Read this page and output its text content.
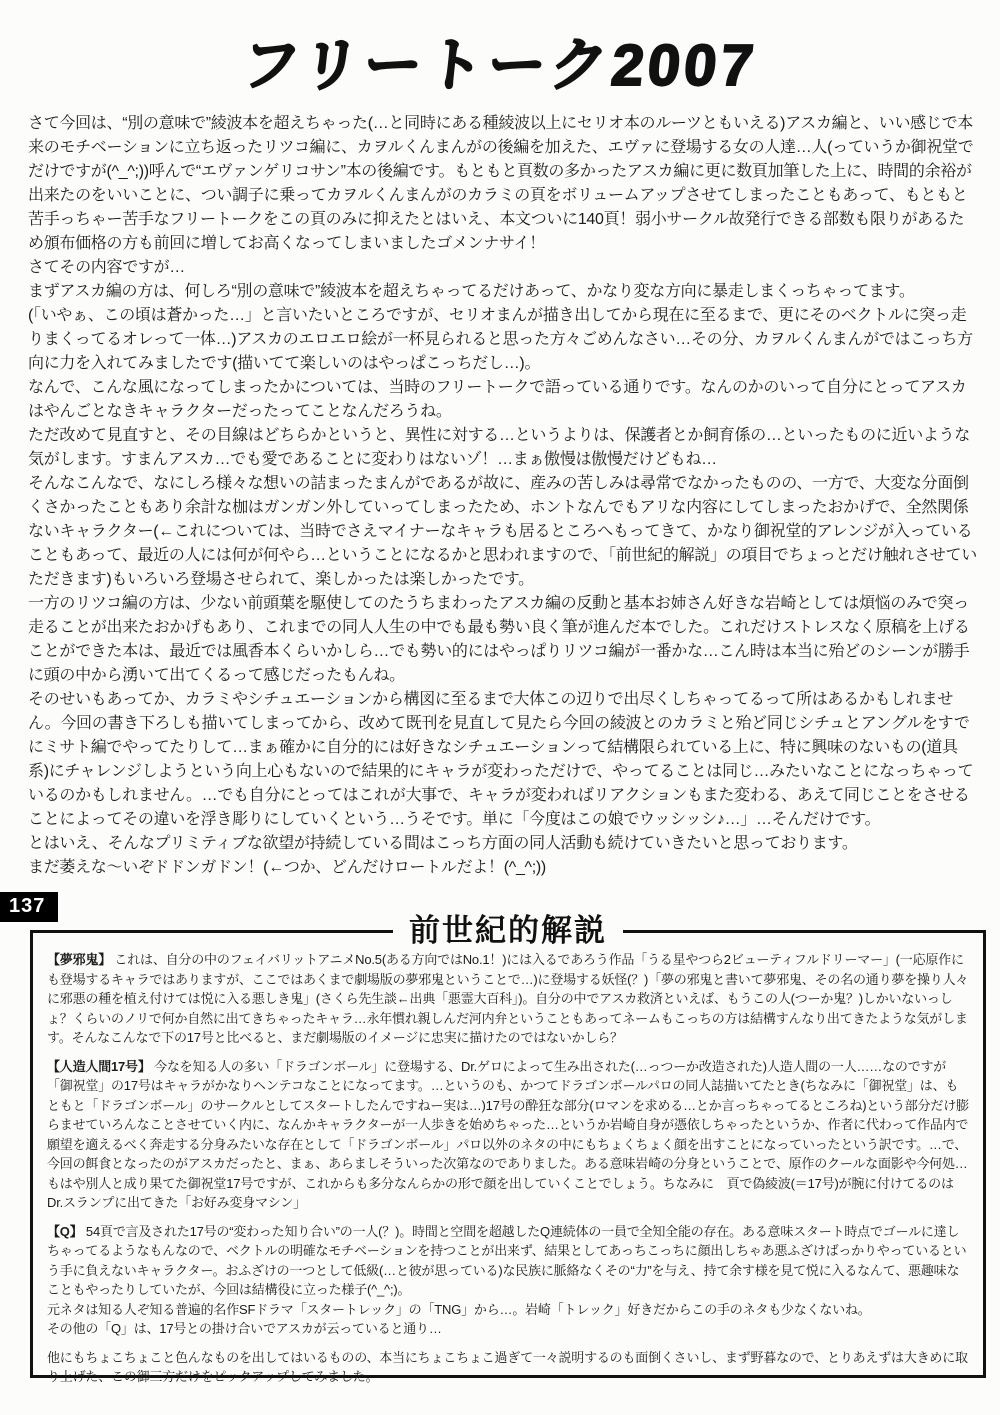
フリートーク2007

さて今回は、“別の意味で”綾波本を超えちゃった(…と同時にある種綾波以上にセリオ本のルーツともいえる)アスカ編と、いい感じで本来のモチベーションに立ち返ったリツコ編に、カヲルくんまんがの後編を加えた、エヴァに登場する女の人達…人(っていうか御祝堂でだけですが(^_^;))呼んで“エヴァンゲリコサン”本の後編です。もともと頁数の多かったアスカ編に更に数頁加筆した上に、時間的余裕が出来たのをいいことに、つい調子に乗ってカヲルくんまんがのカラミの頁をボリュームアップさせてしまったこともあって、もともと苦手っちゃー苦手なフリートークをこの頁のみに抑えたとはいえ、本文ついに140頁！弱小サークル故発行できる部数も限りがあるため頒布価格の方も前回に増してお高くなってしまいましたゴメンナサイ！

さてその内容ですが…

まずアスカ編の方は、何しろ“別の意味で”綾波本を超えちゃってるだけあって、かなり変な方向に暴走しまくっちゃってます。

(「いやぁ、この頃は蒼かった…」と言いたいところですが、セリオまんが描き出してから現在に至るまで、更にそのベクトルに突っ走りまくってるオレって一体…)アスカのエロエロ絵が一杯見られると思った方々ごめんなさい…その分、カヲルくんまんがではこっち方向に力を入れてみましたです(描いてて楽しいのはやっぱこっちだし…)。

なんで、こんな風になってしまったかについては、当時のフリートークで語っている通りです。なんのかのいって自分にとってアスカはやんごとなきキャラクターだったってことなんだろうね。

ただ改めて見直すと、その目線はどちらかというと、異性に対する…というよりは、保護者とか飼育係の…といったものに近いような気がします。すまんアスカ…でも愛であることに変わりはないゾ！…まぁ傲慢は傲慢だけどもね…

そんなこんなで、なにしろ様々な想いの詰まったまんがであるが故に、産みの苦しみは尋常でなかったものの、一方で、大変な分面倒くさかったこともあり余計な枷はガンガン外していってしまったため、ホントなんでもアリな内容にしてしまったおかげで、全然関係ないキャラクター(←これについては、当時でさえマイナーなキャラも居るところへもってきて、かなり御祝堂的アレンジが入っていることもあって、最近の人には何が何やら…ということになるかと思われますので、「前世紀的解説」の項目でちょっとだけ触れさせていただきます)もいろいろ登場させられて、楽しかったは楽しかったです。

一方のリツコ編の方は、少ない前頭葉を駆使してのたうちまわったアスカ編の反動と基本お姉さん好きな岩崎としては煩悩のみで突っ走ることが出来たおかげもあり、これまでの同人人生の中でも最も勢い良く筆が進んだ本でした。これだけストレスなく原稿を上げることができた本は、最近では風香本くらいかしら…でも勢い的にはやっぱりリツコ編が一番かな…こん時は本当に殆どのシーンが勝手に頭の中から湧いて出てくるって感じだったもんね。

そのせいもあってか、カラミやシチュエーションから構図に至るまで大体この辺りで出尽くしちゃってるって所はあるかもしれません。今回の書き下ろしも描いてしまってから、改めて既刊を見直して見たら今回の綾波とのカラミと殆ど同じシチュとアングルをすでにミサト編でやってたりして…まぁ確かに自分的には好きなシチュエーションって結構限られている上に、特に興味のないもの(道具系)にチャレンジしようという向上心もないので結果的にキャラが変わっただけで、やってることは同じ…みたいなことになっちゃっているのかもしれません。…でも自分にとってはこれが大事で、キャラが変わればリアクションもまた変わる、あえて同じことをさせることによってその違いを浮き彫りにしていくという…うそです。単に「今度はこの娘でウッシッシ♪…」…そんだけです。

とはいえ、そんなプリミティブな欲望が持続している間はこっち方面の同人活動も続けていきたいと思っております。

まだ萎えな〜いぞドドンガドン！(←つか、どんだけロートルだよ！(^_^;))

137
前世紀的解説

【夢邪鬼】 これは、自分の中のフェイバリットアニメNo.5(ある方向ではNo.1！)には入るであろう作品「うる星やつら2ビューティフルドリーマー」(一応原作にも登場するキャラではありますが、ここではあくまで劇場版の夢邪鬼ということで…)に登場する妖怪(？)「夢の邪鬼と書いて夢邪鬼、その名の通り夢を操り人々に邪悪の種を植え付けては悦に入る悪しき鬼」(さくら先生談←出典「悪霊大百科」)。自分の中でアスカ救済といえば、もうこの人(つーか鬼？)しかいないっしょ？くらいのノリで何か自然に出てきちゃったキャラ…永年慣れ親しんだ河内弁ということもあってネームもこっちの方は結構すんなり出てきたような気がします。そんなこんなで下の17号と比べると、まだ劇場版のイメージに忠実に描けたのではないかしら？

【人造人間17号】 今なを知る人の多い「ドラゴンボール」に登場する、Dr.ゲロによって生み出された(…っつーか改造された)人造人間の一人……なのですが「御祝堂」の17号はキャラがかなりヘンテコなことになってます。…というのも、かつてドラゴンボールパロの同人誌描いてたとき(ちなみに「御祝堂」は、もともと「ドラゴンボール」のサークルとしてスタートしたんですねー実は…)17号の酔狂な部分(ロマンを求める…とか言っちゃってるところね)という部分だけ膨らませていろんなことさせていく内に、なんかキャラクターが一人歩きを始めちゃった…というか岩崎自身が憑依しちゃったというか、作者に代わって作品内で願望を適えるべく奔走する分身みたいな存在として「ドラゴンボール」パロ以外のネタの中にもちょくちょく顔を出すことになっていったという訳です。…で、今回の餌食となったのがアスカだったと、まぁ、あらましそういった次第なのでありました。ある意味岩崎の分身ということで、原作のクールな面影や今何処…もはや別人と成り果てた御祝堂17号ですが、これからも多分なんらかの形で顔を出していくことでしょう。ちなみに　頁で偽綾波(＝17号)が腕に付けてるのはDr.スランプに出てきた「お好み変身マシン」

【Q】 54頁で言及された17号の“変わった知り合い”の一人(？)。時間と空間を超越したQ連続体の一員で全知全能の存在。ある意味スタート時点でゴールに達しちゃってるようなもんなので、ベクトルの明確なモチベーションを持つことが出来ず、結果としてあっちこっちに顔出しちゃあ悪ふざけばっかりやっているという手に負えないキャラクター。おふざけの一つとして低級(…と彼が思っている)な民族に脈絡なくその“力”を与え、持て余す様を見て悦に入るなんて、悪趣味なこともやったりしていたが、今回は結構役に立った様子(^_^;)。

元ネタは知る人ぞ知る普遍的名作SFドラマ「スタートレック」の「TNG」から…。岩崎「トレック」好きだからこの手のネタも少なくないね。

その他の「Q」は、17号との掛け合いでアスカが云っていると通り…

他にもちょこちょこと色んなものを出してはいるものの、本当にちょこちょこ過ぎて一々説明するのも面倒くさいし、まず野暮なので、とりあえずは大きめに取り上げた、この御三方だけをピックアップしてみました。
